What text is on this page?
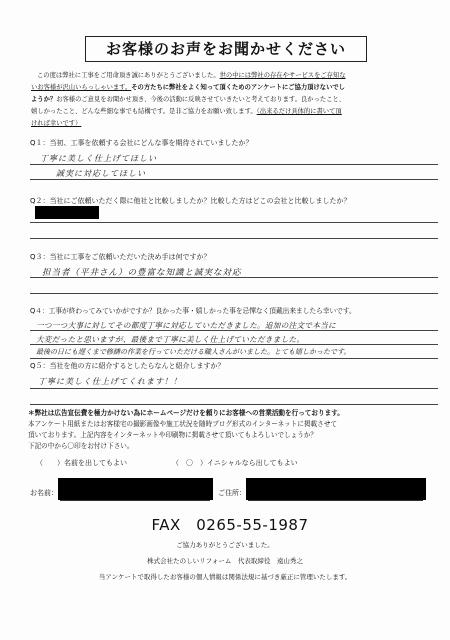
お客様のお声をお聞かせください

この度は弊社に工事をご用命頂き誠にありがとうございました。世の中には弊社の存在やサービスをご存知な

いお客様が沢山いらっしゃいます。その方たちに弊社をよく知って頂くためのアンケートにご協力頂けないでし

ようか？お客様のご意見をお聞かせ頂き、今後の活動に反映させていきたいと考えております。良かったこと、

嬉しかったこと、どんな些細な事でも結構です。是非ご協力をお願い致します。（出来るだけ具体的に書いて頂

ければ幸いです）

Q１：当初、工事を依頼する会社にどんな事を期待されていましたか？
丁寧に美しく仕上げてほしい
誠実に対応してほしい
Q２：当社にご依頼いただく際に他社と比較しましたか？比較した方はどこの会社と比較しましたか？
Q３：当社に工事をご依頼いただいた決め手は何ですか？
担当者（平井さん）の豊富な知識と誠実な対応
Q４：工事が終わってみていかがですか？良かった事・嬉しかった事を忌憚なく頂戴出来ましたら幸いです。
一つ一つ大事に対してその都度丁寧に対応していただきました。追加の注文で本当に
大変だったと思いますが、最後まで丁寧に美しく仕上げていただきました。
最後の日にも遅くまで修繕の作業を行っていただける職人さんがいました。とても嬉しかったです。
Q５：当社を他の方に紹介するとしたらなんと紹介しますか？
丁寧に美しく仕上げてくれます！！
＊弊社は広告宣伝費を極力かけない為にホームページだけを頼りにお客様への営業活動を行っております。
本アンケート用紙またはお客様宅の撮影画像や施工状況を随時ブログ形式のインターネットに掲載させて
頂いております。上記内容をインターネットや印刷物に掲載させて頂いてもよろしいでしょうか？
下記の中から〇印をお付け下さい。
（　　）名前を出してもよい	（　〇　）イニシャルなら出してもよい
お名前：	ご住所：
FAX　0265-55-1987
ご協力ありがとうございました。
株式会社たのしいリフォーム　代表取締役　遠山秀之
当アンケートで取得したお客様の個人情報は関係法規に基づき厳正に管理いたします。
